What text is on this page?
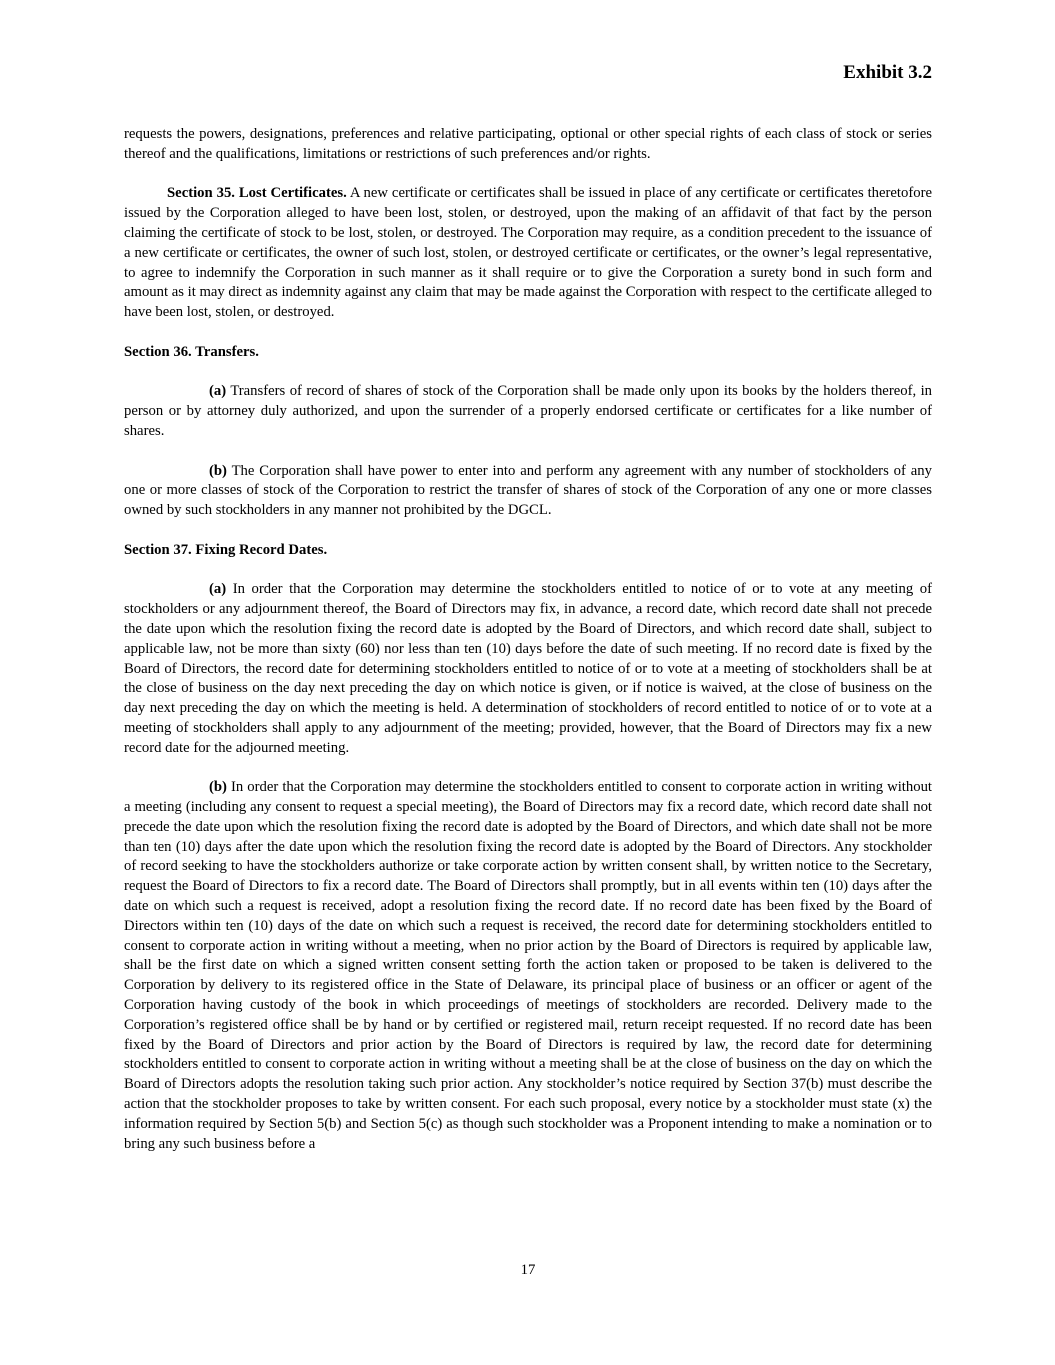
Exhibit 3.2

requests the powers, designations, preferences and relative participating, optional or other special rights of each class of stock or series thereof and the qualifications, limitations or restrictions of such preferences and/or rights.

Section 35. Lost Certificates. A new certificate or certificates shall be issued in place of any certificate or certificates theretofore issued by the Corporation alleged to have been lost, stolen, or destroyed, upon the making of an affidavit of that fact by the person claiming the certificate of stock to be lost, stolen, or destroyed. The Corporation may require, as a condition precedent to the issuance of a new certificate or certificates, the owner of such lost, stolen, or destroyed certificate or certificates, or the owner’s legal representative, to agree to indemnify the Corporation in such manner as it shall require or to give the Corporation a surety bond in such form and amount as it may direct as indemnity against any claim that may be made against the Corporation with respect to the certificate alleged to have been lost, stolen, or destroyed.

Section 36. Transfers.

(a) Transfers of record of shares of stock of the Corporation shall be made only upon its books by the holders thereof, in person or by attorney duly authorized, and upon the surrender of a properly endorsed certificate or certificates for a like number of shares.

(b) The Corporation shall have power to enter into and perform any agreement with any number of stockholders of any one or more classes of stock of the Corporation to restrict the transfer of shares of stock of the Corporation of any one or more classes owned by such stockholders in any manner not prohibited by the DGCL.

Section 37. Fixing Record Dates.

(a) In order that the Corporation may determine the stockholders entitled to notice of or to vote at any meeting of stockholders or any adjournment thereof, the Board of Directors may fix, in advance, a record date, which record date shall not precede the date upon which the resolution fixing the record date is adopted by the Board of Directors, and which record date shall, subject to applicable law, not be more than sixty (60) nor less than ten (10) days before the date of such meeting. If no record date is fixed by the Board of Directors, the record date for determining stockholders entitled to notice of or to vote at a meeting of stockholders shall be at the close of business on the day next preceding the day on which notice is given, or if notice is waived, at the close of business on the day next preceding the day on which the meeting is held. A determination of stockholders of record entitled to notice of or to vote at a meeting of stockholders shall apply to any adjournment of the meeting; provided, however, that the Board of Directors may fix a new record date for the adjourned meeting.

(b) In order that the Corporation may determine the stockholders entitled to consent to corporate action in writing without a meeting (including any consent to request a special meeting), the Board of Directors may fix a record date, which record date shall not precede the date upon which the resolution fixing the record date is adopted by the Board of Directors, and which date shall not be more than ten (10) days after the date upon which the resolution fixing the record date is adopted by the Board of Directors. Any stockholder of record seeking to have the stockholders authorize or take corporate action by written consent shall, by written notice to the Secretary, request the Board of Directors to fix a record date. The Board of Directors shall promptly, but in all events within ten (10) days after the date on which such a request is received, adopt a resolution fixing the record date. If no record date has been fixed by the Board of Directors within ten (10) days of the date on which such a request is received, the record date for determining stockholders entitled to consent to corporate action in writing without a meeting, when no prior action by the Board of Directors is required by applicable law, shall be the first date on which a signed written consent setting forth the action taken or proposed to be taken is delivered to the Corporation by delivery to its registered office in the State of Delaware, its principal place of business or an officer or agent of the Corporation having custody of the book in which proceedings of meetings of stockholders are recorded. Delivery made to the Corporation’s registered office shall be by hand or by certified or registered mail, return receipt requested. If no record date has been fixed by the Board of Directors and prior action by the Board of Directors is required by law, the record date for determining stockholders entitled to consent to corporate action in writing without a meeting shall be at the close of business on the day on which the Board of Directors adopts the resolution taking such prior action. Any stockholder’s notice required by Section 37(b) must describe the action that the stockholder proposes to take by written consent. For each such proposal, every notice by a stockholder must state (x) the information required by Section 5(b) and Section 5(c) as though such stockholder was a Proponent intending to make a nomination or to bring any such business before a

17
